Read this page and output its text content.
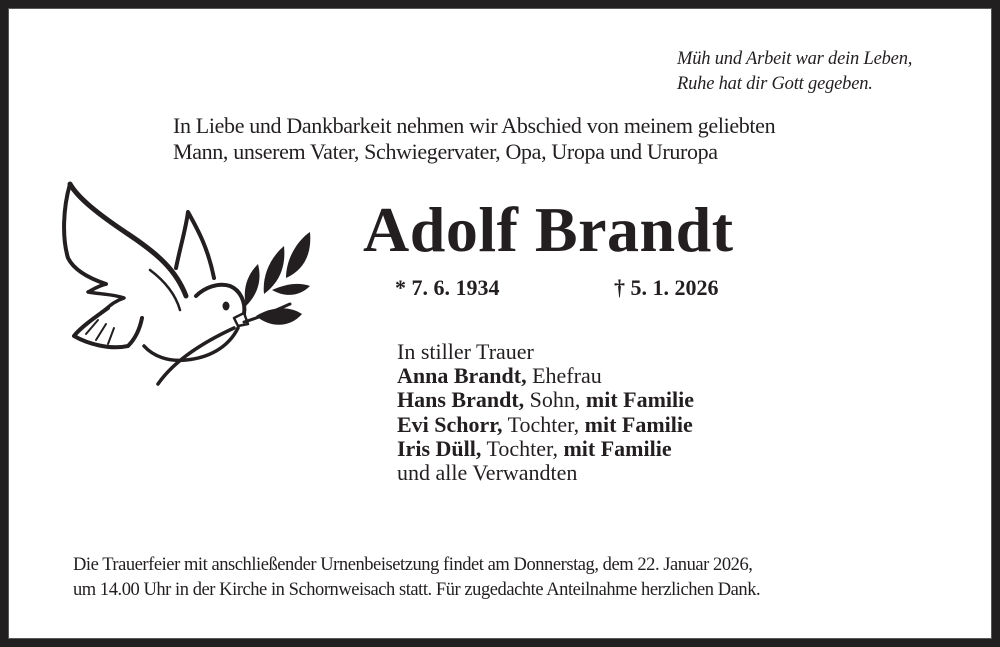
Müh und Arbeit war dein Leben,
Ruhe hat dir Gott gegeben.
In Liebe und Dankbarkeit nehmen wir Abschied von meinem geliebten
Mann, unserem Vater, Schwiegervater, Opa, Uropa und Ururopa
Adolf Brandt
* 7. 6. 1934	† 5. 1. 2026
In stiller Trauer
Anna Brandt, Ehefrau
Hans Brandt, Sohn, mit Familie
Evi Schorr, Tochter, mit Familie
Iris Düll, Tochter, mit Familie
und alle Verwandten
Die Trauerfeier mit anschließender Urnenbeisetzung findet am Donnerstag, dem 22. Januar 2026,
um 14.00 Uhr in der Kirche in Schornweisach statt. Für zugedachte Anteilnahme herzlichen Dank.
